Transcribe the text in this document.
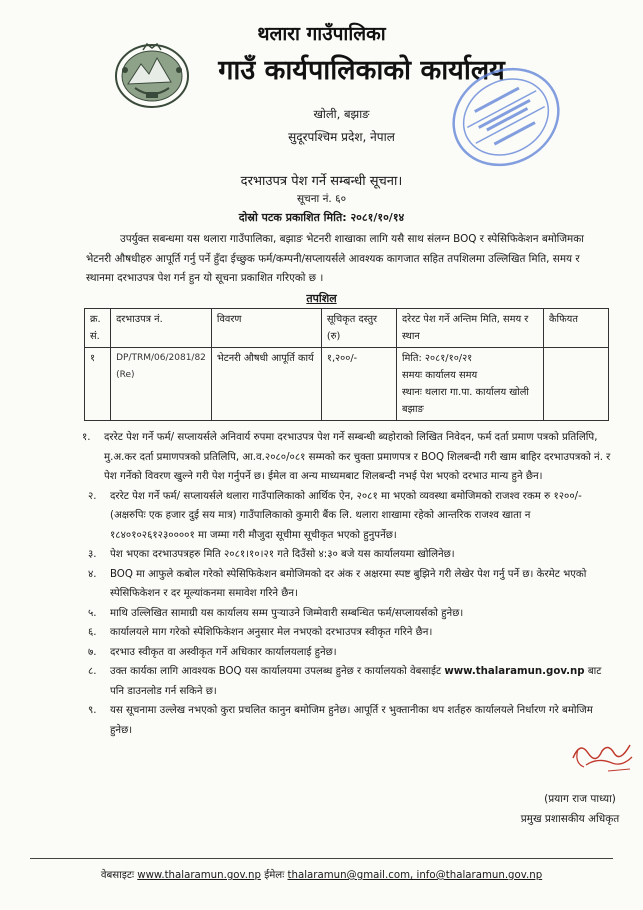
थलारा गाउँपालिका
गाउँ कार्यपालिकाको कार्यालय
खोली, बझाङ
सुदूरपश्चिम प्रदेश, नेपाल
दरभाउपत्र पेश गर्ने सम्बन्धी सूचना।
सूचना नं. ६०
दोस्रो पटक प्रकाशित मिति: २०८१/१०/१४

उपर्युक्त सबन्धमा यस थलारा गाउँपालिका, बझाङ भेटनरी शाखाका लागि यसै साथ संलग्न BOQ र स्पेसिफिकेशन बमोजिमका भेटनरी औषधीहरु आपूर्ति गर्नु पर्ने हुँदा ईच्छुक फर्म/कम्पनी/सप्लायर्सले आवश्यक कागजात सहित तपशिलमा उल्लिखित मिति, समय र स्थानमा दरभाउपत्र पेश गर्न हुन यो सूचना प्रकाशित गरिएको छ ।

तपशिल
क्र. सं.	दरभाउपत्र नं.	विवरण	सूचिकृत दस्तुर (रु)	दरेरट पेश गर्ने अन्तिम मिति, समय र स्थान	कैफियत
१	DP/TRM/06/2081/82 (Re)	भेटनरी औषधी आपूर्ति कार्य	१,२००/-	मिति: २०८१/१०/२१
समयः कार्यालय समय
स्थानः थलारा गा.पा. कार्यालय खोली बझाङ	

१. दररेट पेश गर्ने फर्म/ सप्लायर्सले अनिवार्य रुपमा दरभाउपत्र पेश गर्ने सम्बन्धी ब्यहोराको लिखित निवेदन, फर्म दर्ता प्रमाण पत्रको प्रतिलिपि, मु.अ.कर दर्ता प्रमाणपत्रको प्रतिलिपि, आ.व.२०८०/०८१ सम्मको कर चुक्ता प्रमाणपत्र र BOQ शिलबन्दी गरी खाम बाहिर दरभाउपत्रको नं. र पेश गर्नेको विवरण खुल्ने गरी पेश गर्नुपर्ने छ। ईमेल वा अन्य माध्यमबाट शिलबन्दी नभई पेश भएको दरभाउ मान्य हुने छैन।
२. दररेट पेश गर्ने फर्म/ सप्लायर्सले थलारा गाउँपालिकाको आर्थिक ऐन, २०८१ मा भएको व्यवस्था बमोजिमको राजश्व रकम रु १२००/- (अक्षरुपिः एक हजार दुई सय मात्र) गाउँपालिकाको कुमारी बैंक लि. थलारा शाखामा रहेको आन्तरिक राजश्व खाता न १८४०१०२६१२३००००१ मा जम्मा गरी मौजुदा सूचीमा सूचीकृत भएको हुनुपर्नेछ।
३. पेश भएका दरभाउपत्रहरु मिति २०८१।१०।२१ गते दिउँसो ४:३० बजे यस कार्यालयमा खोलिनेछ।
४. BOQ मा आफुले कबोल गरेको स्पेसिफिकेशन बमोजिमको दर अंक र अक्षरमा स्पष्ट बुझिने गरी लेखेर पेश गर्नु पर्ने छ। केरमेट भएको स्पेसिफिकेशन र दर मूल्यांकनमा समावेश गरिने छैन।
५. माथि उल्लिखित सामाग्री यस कार्यालय सम्म पुऱ्याउने जिम्मेवारी सम्बन्धित फर्म/सप्लायर्सको हुनेछ।
६. कार्यालयले माग गरेको स्पेशिफिकेशन अनुसार मेल नभएको दरभाउपत्र स्वीकृत गरिने छैन।
७. दरभाउ स्वीकृत वा अस्वीकृत गर्ने अधिकार कार्यालयलाई हुनेछ।
८. उक्त कार्यका लागि आवश्यक BOQ यस कार्यालयमा उपलब्ध हुनेछ र कार्यालयको वेबसाईट www.thalaramun.gov.np बाट पनि डाउनलोड गर्न सकिने छ।
९. यस सूचनामा उल्लेख नभएको कुरा प्रचलित कानुन बमोजिम हुनेछ। आपूर्ति र भुक्तानीका थप शर्तहरु कार्यालयले निर्धारण गरे बमोजिम हुनेछ।
(प्रयाग राज पाध्या)
प्रमुख प्रशासकीय अधिकृत
वेबसाइटः www.thalaramun.gov.np ईमेलः thalaramun@gmail.com, info@thalaramun.gov.np
